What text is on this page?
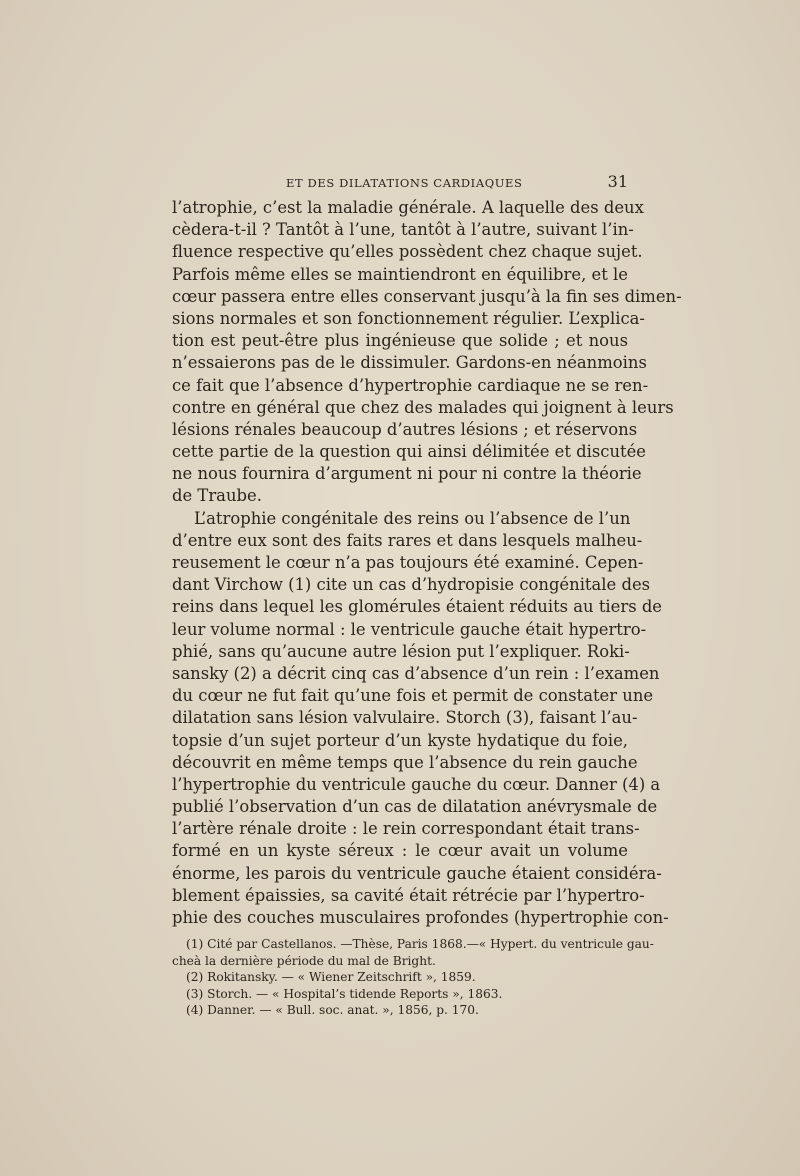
ET DES DILATATIONS CARDIAQUES	31
l’atrophie, c’est la maladie générale. A laquelle des deux
cèdera-t-il ? Tantôt à l’une, tantôt à l’autre, suivant l’in-
fluence respective qu’elles possèdent chez chaque sujet.
Parfois même elles se maintiendront en équilibre, et le
cœur passera entre elles conservant jusqu’à la fin ses dimen-
sions normales et son fonctionnement régulier. L’explica-
tion est peut-être plus ingénieuse que solide ; et nous
n’essaierons pas de le dissimuler. Gardons-en néanmoins
ce fait que l’absence d’hypertrophie cardiaque ne se ren-
contre en général que chez des malades qui joignent à leurs
lésions rénales beaucoup d’autres lésions ; et réservons
cette partie de la question qui ainsi délimitée et discutée
ne nous fournira d’argument ni pour ni contre la théorie
de Traube.
L’atrophie congénitale des reins ou l’absence de l’un
d’entre eux sont des faits rares et dans lesquels malheu-
reusement le cœur n’a pas toujours été examiné. Cepen-
dant Virchow (1) cite un cas d’hydropisie congénitale des
reins dans lequel les glomérules étaient réduits au tiers de
leur volume normal : le ventricule gauche était hypertro-
phié, sans qu’aucune autre lésion put l’expliquer. Roki-
sansky (2) a décrit cinq cas d’absence d’un rein : l’examen
du cœur ne fut fait qu’une fois et permit de constater une
dilatation sans lésion valvulaire. Storch (3), faisant l’au-
topsie d’un sujet porteur d’un kyste hydatique du foie,
découvrit en même temps que l’absence du rein gauche
l’hypertrophie du ventricule gauche du cœur. Danner (4) a
publié l’observation d’un cas de dilatation anévrysmale de
l’artère rénale droite : le rein correspondant était trans-
formé en un kyste séreux : le cœur avait un volume
énorme, les parois du ventricule gauche étaient considéra-
blement épaissies, sa cavité était rétrécie par l’hypertro-
phie des couches musculaires profondes (hypertrophie con-
(1) Cité par Castellanos. —Thèse, Paris 1868.—« Hypert. du ventricule gau-
cheà la dernière période du mal de Bright.
(2) Rokitansky. — « Wiener Zeitschrift », 1859.
(3) Storch. — « Hospital’s tidende Reports », 1863.
(4) Danner. — « Bull. soc. anat. », 1856, p. 170.
